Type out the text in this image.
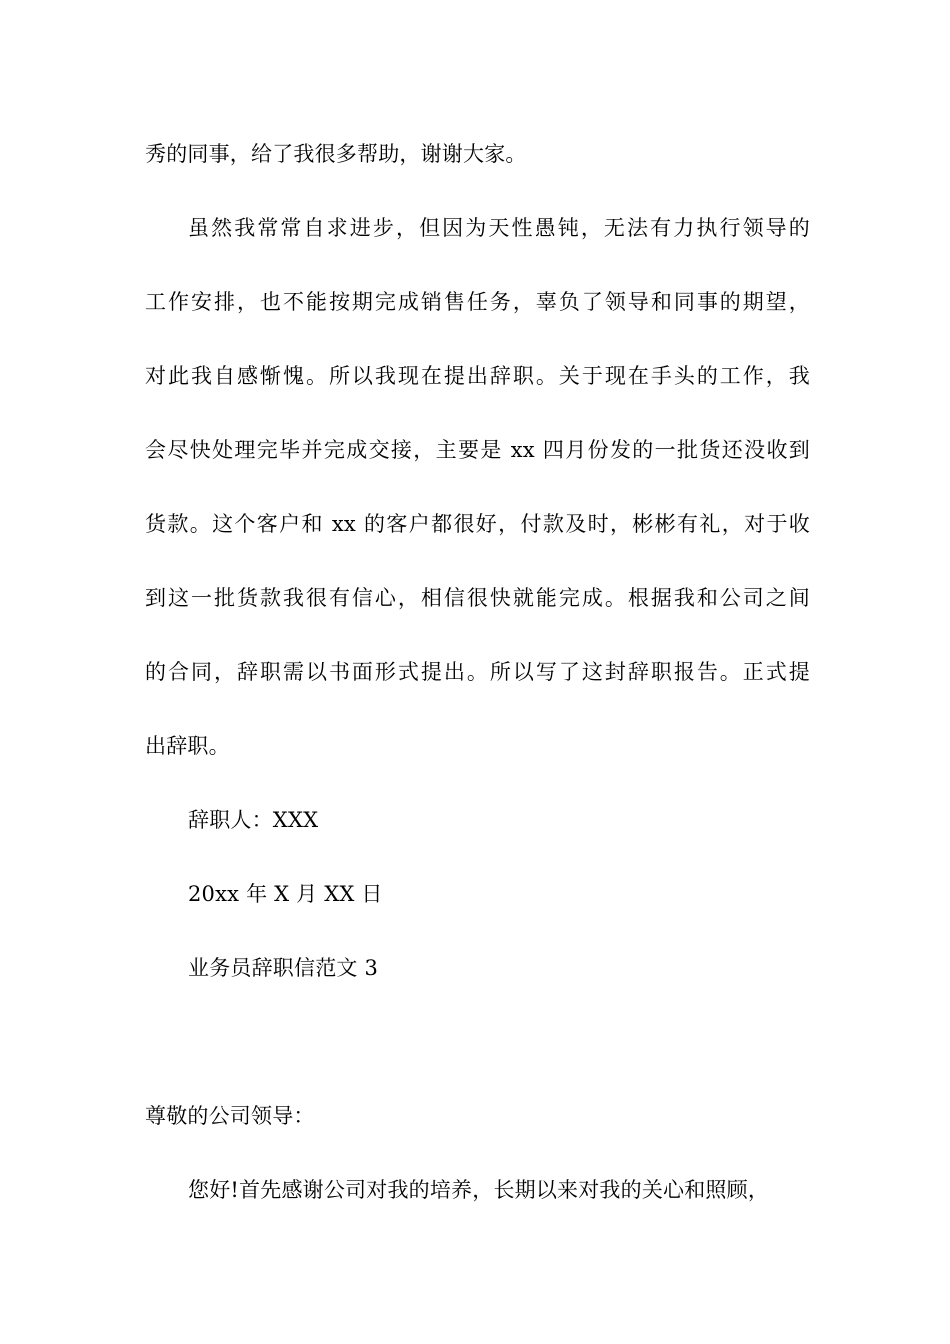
秀的同事，给了我很多帮助，谢谢大家。
虽然我常常自求进步，但因为天性愚钝，无法有力执行领导的
工作安排，也不能按期完成销售任务，辜负了领导和同事的期望，
对此我自感惭愧。所以我现在提出辞职。关于现在手头的工作，我
会尽快处理完毕并完成交接，主要是 xx 四月份发的一批货还没收到
货款。这个客户和 xx 的客户都很好，付款及时，彬彬有礼，对于收
到这一批货款我很有信心，相信很快就能完成。根据我和公司之间
的合同，辞职需以书面形式提出。所以写了这封辞职报告。正式提
出辞职。
辞职人：XXX
20xx 年 X 月 XX 日
业务员辞职信范文 3
尊敬的公司领导：
您好!首先感谢公司对我的培养，长期以来对我的关心和照顾，
